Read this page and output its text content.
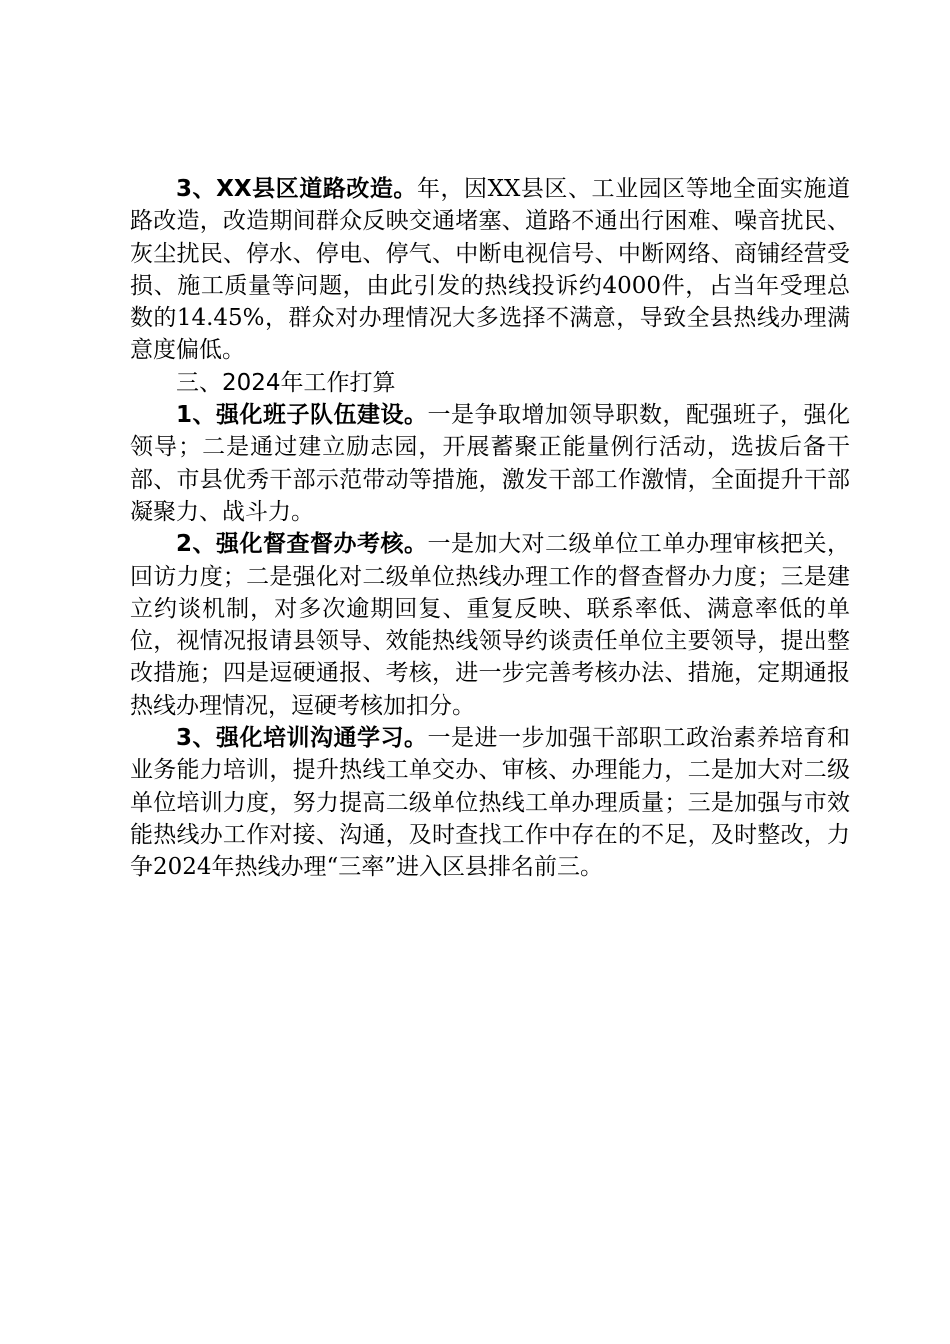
3、XX县区道路改造。年，因XX县区、工业园区等地全面实施道路改造，改造期间群众反映交通堵塞、道路不通出行困难、噪音扰民、灰尘扰民、停水、停电、停气、中断电视信号、中断网络、商铺经营受损、施工质量等问题，由此引发的热线投诉约4000件，占当年受理总数的14.45%，群众对办理情况大多选择不满意，导致全县热线办理满意度偏低。

三、2024年工作打算

1、强化班子队伍建设。一是争取增加领导职数，配强班子，强化领导；二是通过建立励志园，开展蓄聚正能量例行活动，选拔后备干部、市县优秀干部示范带动等措施，激发干部工作激情，全面提升干部凝聚力、战斗力。

2、强化督查督办考核。一是加大对二级单位工单办理审核把关，回访力度；二是强化对二级单位热线办理工作的督查督办力度；三是建立约谈机制，对多次逾期回复、重复反映、联系率低、满意率低的单位，视情况报请县领导、效能热线领导约谈责任单位主要领导，提出整改措施；四是逗硬通报、考核，进一步完善考核办法、措施，定期通报热线办理情况，逗硬考核加扣分。

3、强化培训沟通学习。一是进一步加强干部职工政治素养培育和业务能力培训，提升热线工单交办、审核、办理能力，二是加大对二级单位培训力度，努力提高二级单位热线工单办理质量；三是加强与市效能热线办工作对接、沟通，及时查找工作中存在的不足，及时整改，力争2024年热线办理“三率”进入区县排名前三。
